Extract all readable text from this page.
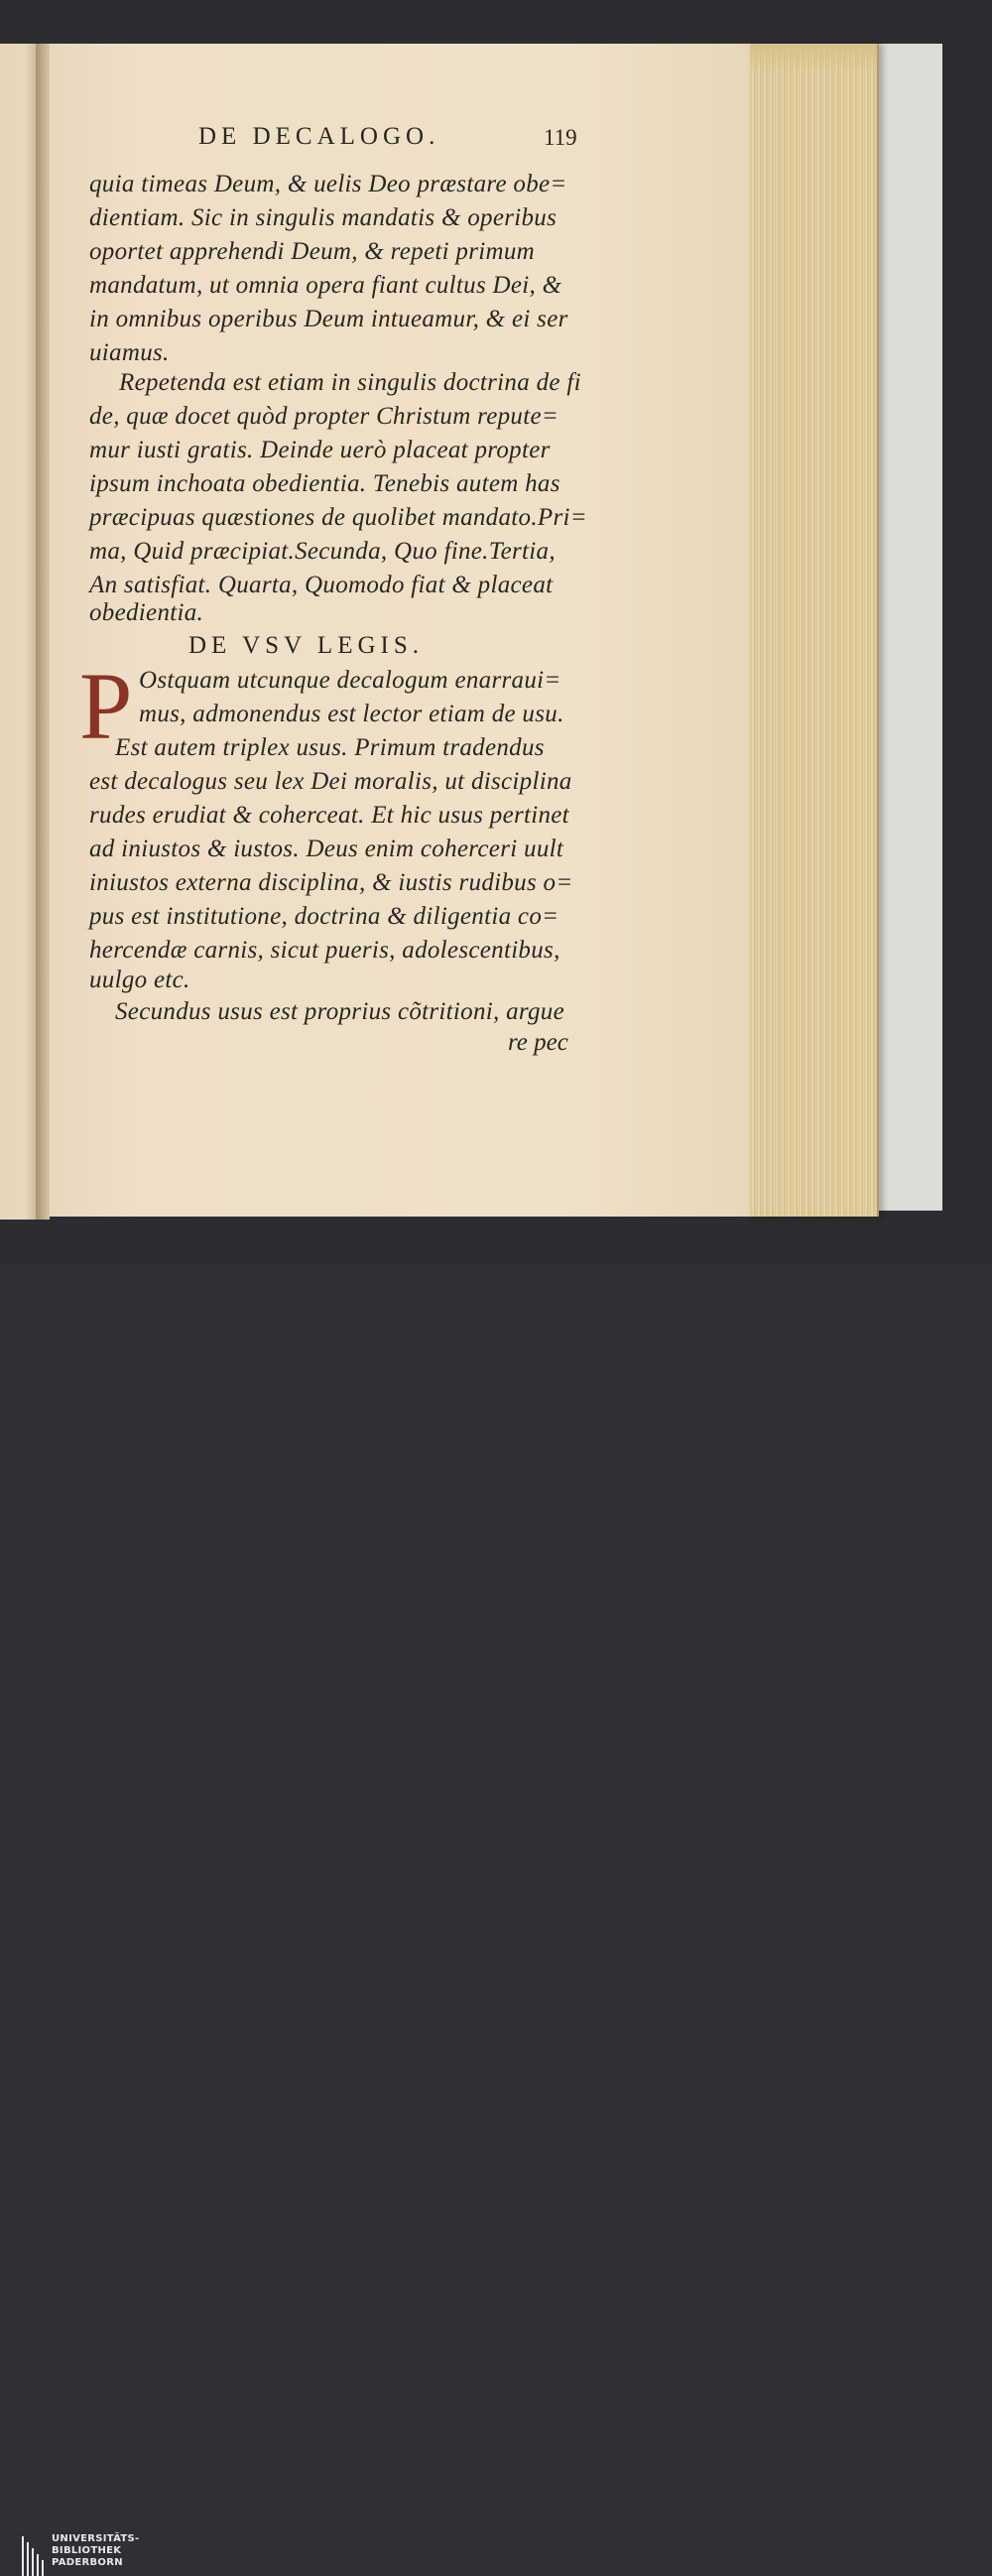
DE DECALOGO.	119
quia timeas Deum, & uelis Deo præstare obe=
dientiam. Sic in singulis mandatis & operibus
oportet apprehendi Deum, & repeti primum
mandatum, ut omnia opera fiant cultus Dei, &
in omnibus operibus Deum intueamur, & ei ser
uiamus.
Repetenda est etiam in singulis doctrina de fi
de, quæ docet quòd propter Christum repute=
mur iusti gratis. Deinde uerò placeat propter
ipsum inchoata obedientia. Tenebis autem has
præcipuas quæstiones de quolibet mandato.Pri=
ma, Quid præcipiat.Secunda, Quo fine.Tertia,
An satisfiat. Quarta, Quomodo fiat & placeat
obedientia.
DE VSV LEGIS.
P Ostquam utcunque decalogum enarraui=
mus, admonendus est lector etiam de usu.
Est autem triplex usus. Primum tradendus
est decalogus seu lex Dei moralis, ut disciplina
rudes erudiat & coherceat. Et hic usus pertinet
ad iniustos & iustos. Deus enim coherceri uult
iniustos externa disciplina, & iustis rudibus o=
pus est institutione, doctrina & diligentia co=
hercendæ carnis, sicut pueris, adolescentibus,
uulgo etc.
Secundus usus est proprius cõtritioni, argue
re pec
UNIVERSITÄTS-
BIBLIOTHEK
PADERBORN
